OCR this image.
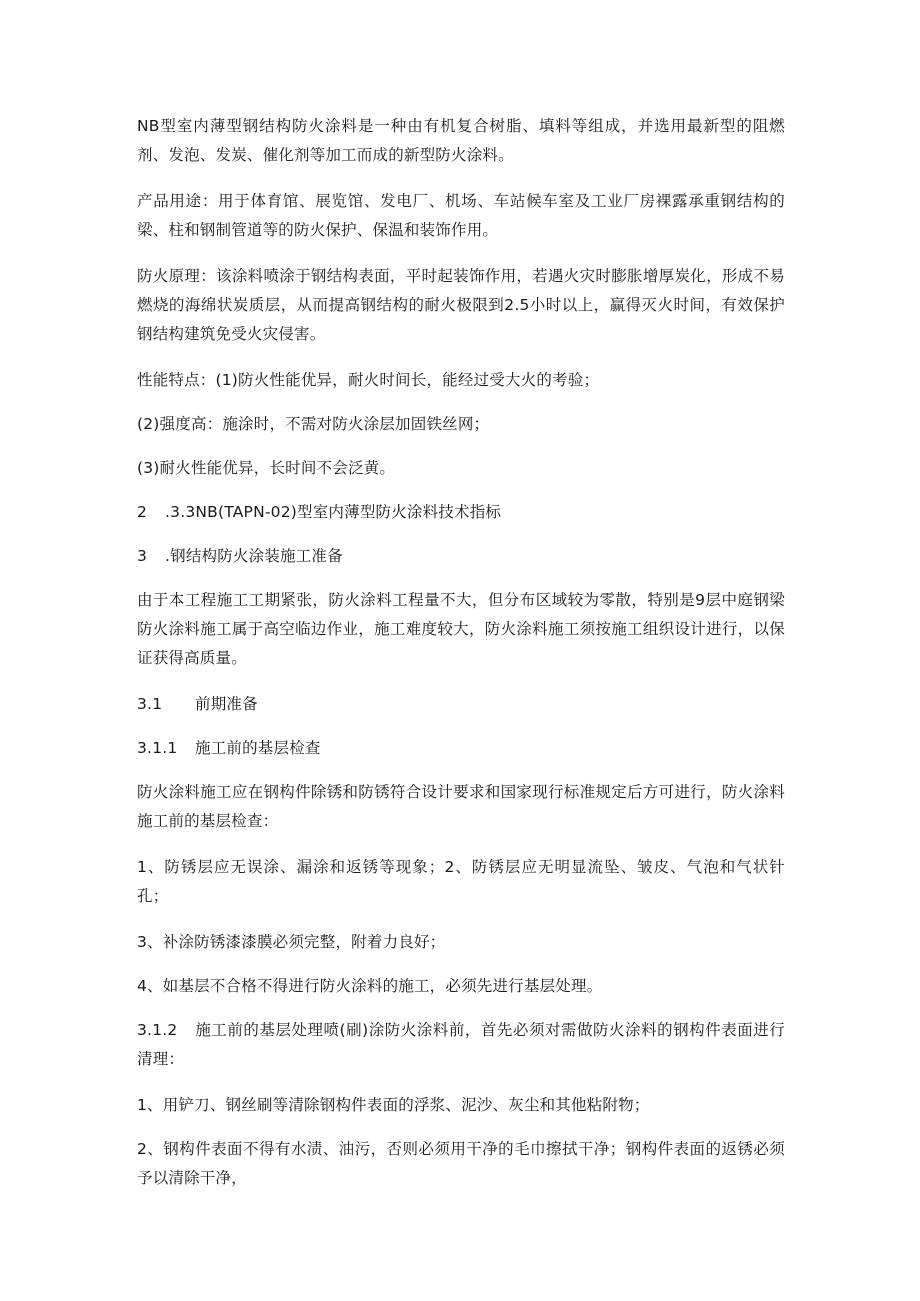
NB型室内薄型钢结构防火涂料是一种由有机复合树脂、填料等组成，并选用最新型的阻燃剂、发泡、发炭、催化剂等加工而成的新型防火涂料。

产品用途：用于体育馆、展览馆、发电厂、机场、车站候车室及工业厂房裸露承重钢结构的梁、柱和钢制管道等的防火保护、保温和装饰作用。

防火原理：该涂料喷涂于钢结构表面，平时起装饰作用，若遇火灾时膨胀增厚炭化，形成不易燃烧的海绵状炭质层，从而提高钢结构的耐火极限到2.5小时以上，赢得灭火时间，有效保护钢结构建筑免受火灾侵害。

性能特点：(1)防火性能优异，耐火时间长，能经过受大火的考验；

(2)强度高：施涂时，不需对防火涂层加固铁丝网；

(3)耐火性能优异，长时间不会泛黄。

2 .3.3NB(TAPN-02)型室内薄型防火涂料技术指标

3 .钢结构防火涂装施工准备

由于本工程施工工期紧张，防火涂料工程量不大，但分布区域较为零散，特别是9层中庭钢梁防火涂料施工属于高空临边作业，施工难度较大，防火涂料施工须按施工组织设计进行，以保证获得高质量。

3.1 前期准备

3.1.1 施工前的基层检查

防火涂料施工应在钢构件除锈和防锈符合设计要求和国家现行标准规定后方可进行，防火涂料施工前的基层检查：

1、防锈层应无误涂、漏涂和返锈等现象；2、防锈层应无明显流坠、皱皮、气泡和气状针孔；

3、补涂防锈漆漆膜必须完整，附着力良好；

4、如基层不合格不得进行防火涂料的施工，必须先进行基层处理。

3.1.2 施工前的基层处理喷(刷)涂防火涂料前，首先必须对需做防火涂料的钢构件表面进行清理：

1、用铲刀、钢丝刷等清除钢构件表面的浮浆、泥沙、灰尘和其他粘附物；

2、钢构件表面不得有水渍、油污，否则必须用干净的毛巾擦拭干净；钢构件表面的返锈必须予以清除干净，
